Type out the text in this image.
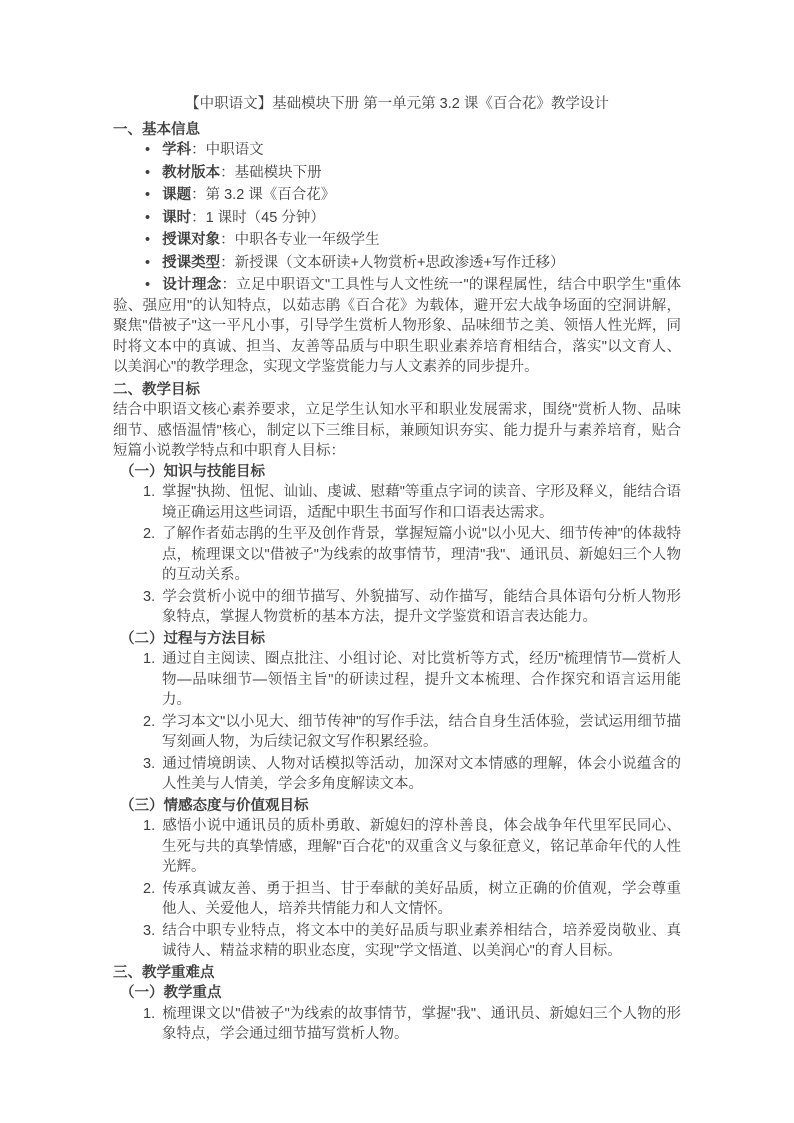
【中职语文】基础模块下册 第一单元第 3.2 课《百合花》教学设计
一、基本信息
• 学科：中职语文
• 教材版本：基础模块下册
• 课题：第 3.2 课《百合花》
• 课时：1 课时（45 分钟）
• 授课对象：中职各专业一年级学生
• 授课类型：新授课（文本研读+人物赏析+思政渗透+写作迁移）
• 设计理念：立足中职语文"工具性与人文性统一"的课程属性，结合中职学生"重体验、强应用"的认知特点，以茹志鹃《百合花》为载体，避开宏大战争场面的空洞讲解，聚焦"借被子"这一平凡小事，引导学生赏析人物形象、品味细节之美、领悟人性光辉，同时将文本中的真诚、担当、友善等品质与中职生职业素养培育相结合，落实"以文育人、以美润心"的教学理念，实现文学鉴赏能力与人文素养的同步提升。
二、教学目标

结合中职语文核心素养要求，立足学生认知水平和职业发展需求，围绕"赏析人物、品味细节、感悟温情"核心，制定以下三维目标，兼顾知识夯实、能力提升与素养培育，贴合短篇小说教学特点和中职育人目标：

（一）知识与技能目标
1. 掌握"执拗、忸怩、讪讪、虔诚、慰藉"等重点字词的读音、字形及释义，能结合语境正确运用这些词语，适配中职生书面写作和口语表达需求。
2. 了解作者茹志鹃的生平及创作背景，掌握短篇小说"以小见大、细节传神"的体裁特点，梳理课文以"借被子"为线索的故事情节，理清"我"、通讯员、新媳妇三个人物的互动关系。
3. 学会赏析小说中的细节描写、外貌描写、动作描写，能结合具体语句分析人物形象特点，掌握人物赏析的基本方法，提升文学鉴赏和语言表达能力。
（二）过程与方法目标
1. 通过自主阅读、圈点批注、小组讨论、对比赏析等方式，经历"梳理情节—赏析人物—品味细节—领悟主旨"的研读过程，提升文本梳理、合作探究和语言运用能力。
2. 学习本文"以小见大、细节传神"的写作手法，结合自身生活体验，尝试运用细节描写刻画人物，为后续记叙文写作积累经验。
3. 通过情境朗读、人物对话模拟等活动，加深对文本情感的理解，体会小说蕴含的人性美与人情美，学会多角度解读文本。
（三）情感态度与价值观目标
1. 感悟小说中通讯员的质朴勇敢、新媳妇的淳朴善良，体会战争年代里军民同心、生死与共的真挚情感，理解"百合花"的双重含义与象征意义，铭记革命年代的人性光辉。
2. 传承真诚友善、勇于担当、甘于奉献的美好品质，树立正确的价值观，学会尊重他人、关爱他人，培养共情能力和人文情怀。
3. 结合中职专业特点，将文本中的美好品质与职业素养相结合，培养爱岗敬业、真诚待人、精益求精的职业态度，实现"学文悟道、以美润心"的育人目标。
三、教学重难点
（一）教学重点
1. 梳理课文以"借被子"为线索的故事情节，掌握"我"、通讯员、新媳妇三个人物的形象特点，学会通过细节描写赏析人物。
